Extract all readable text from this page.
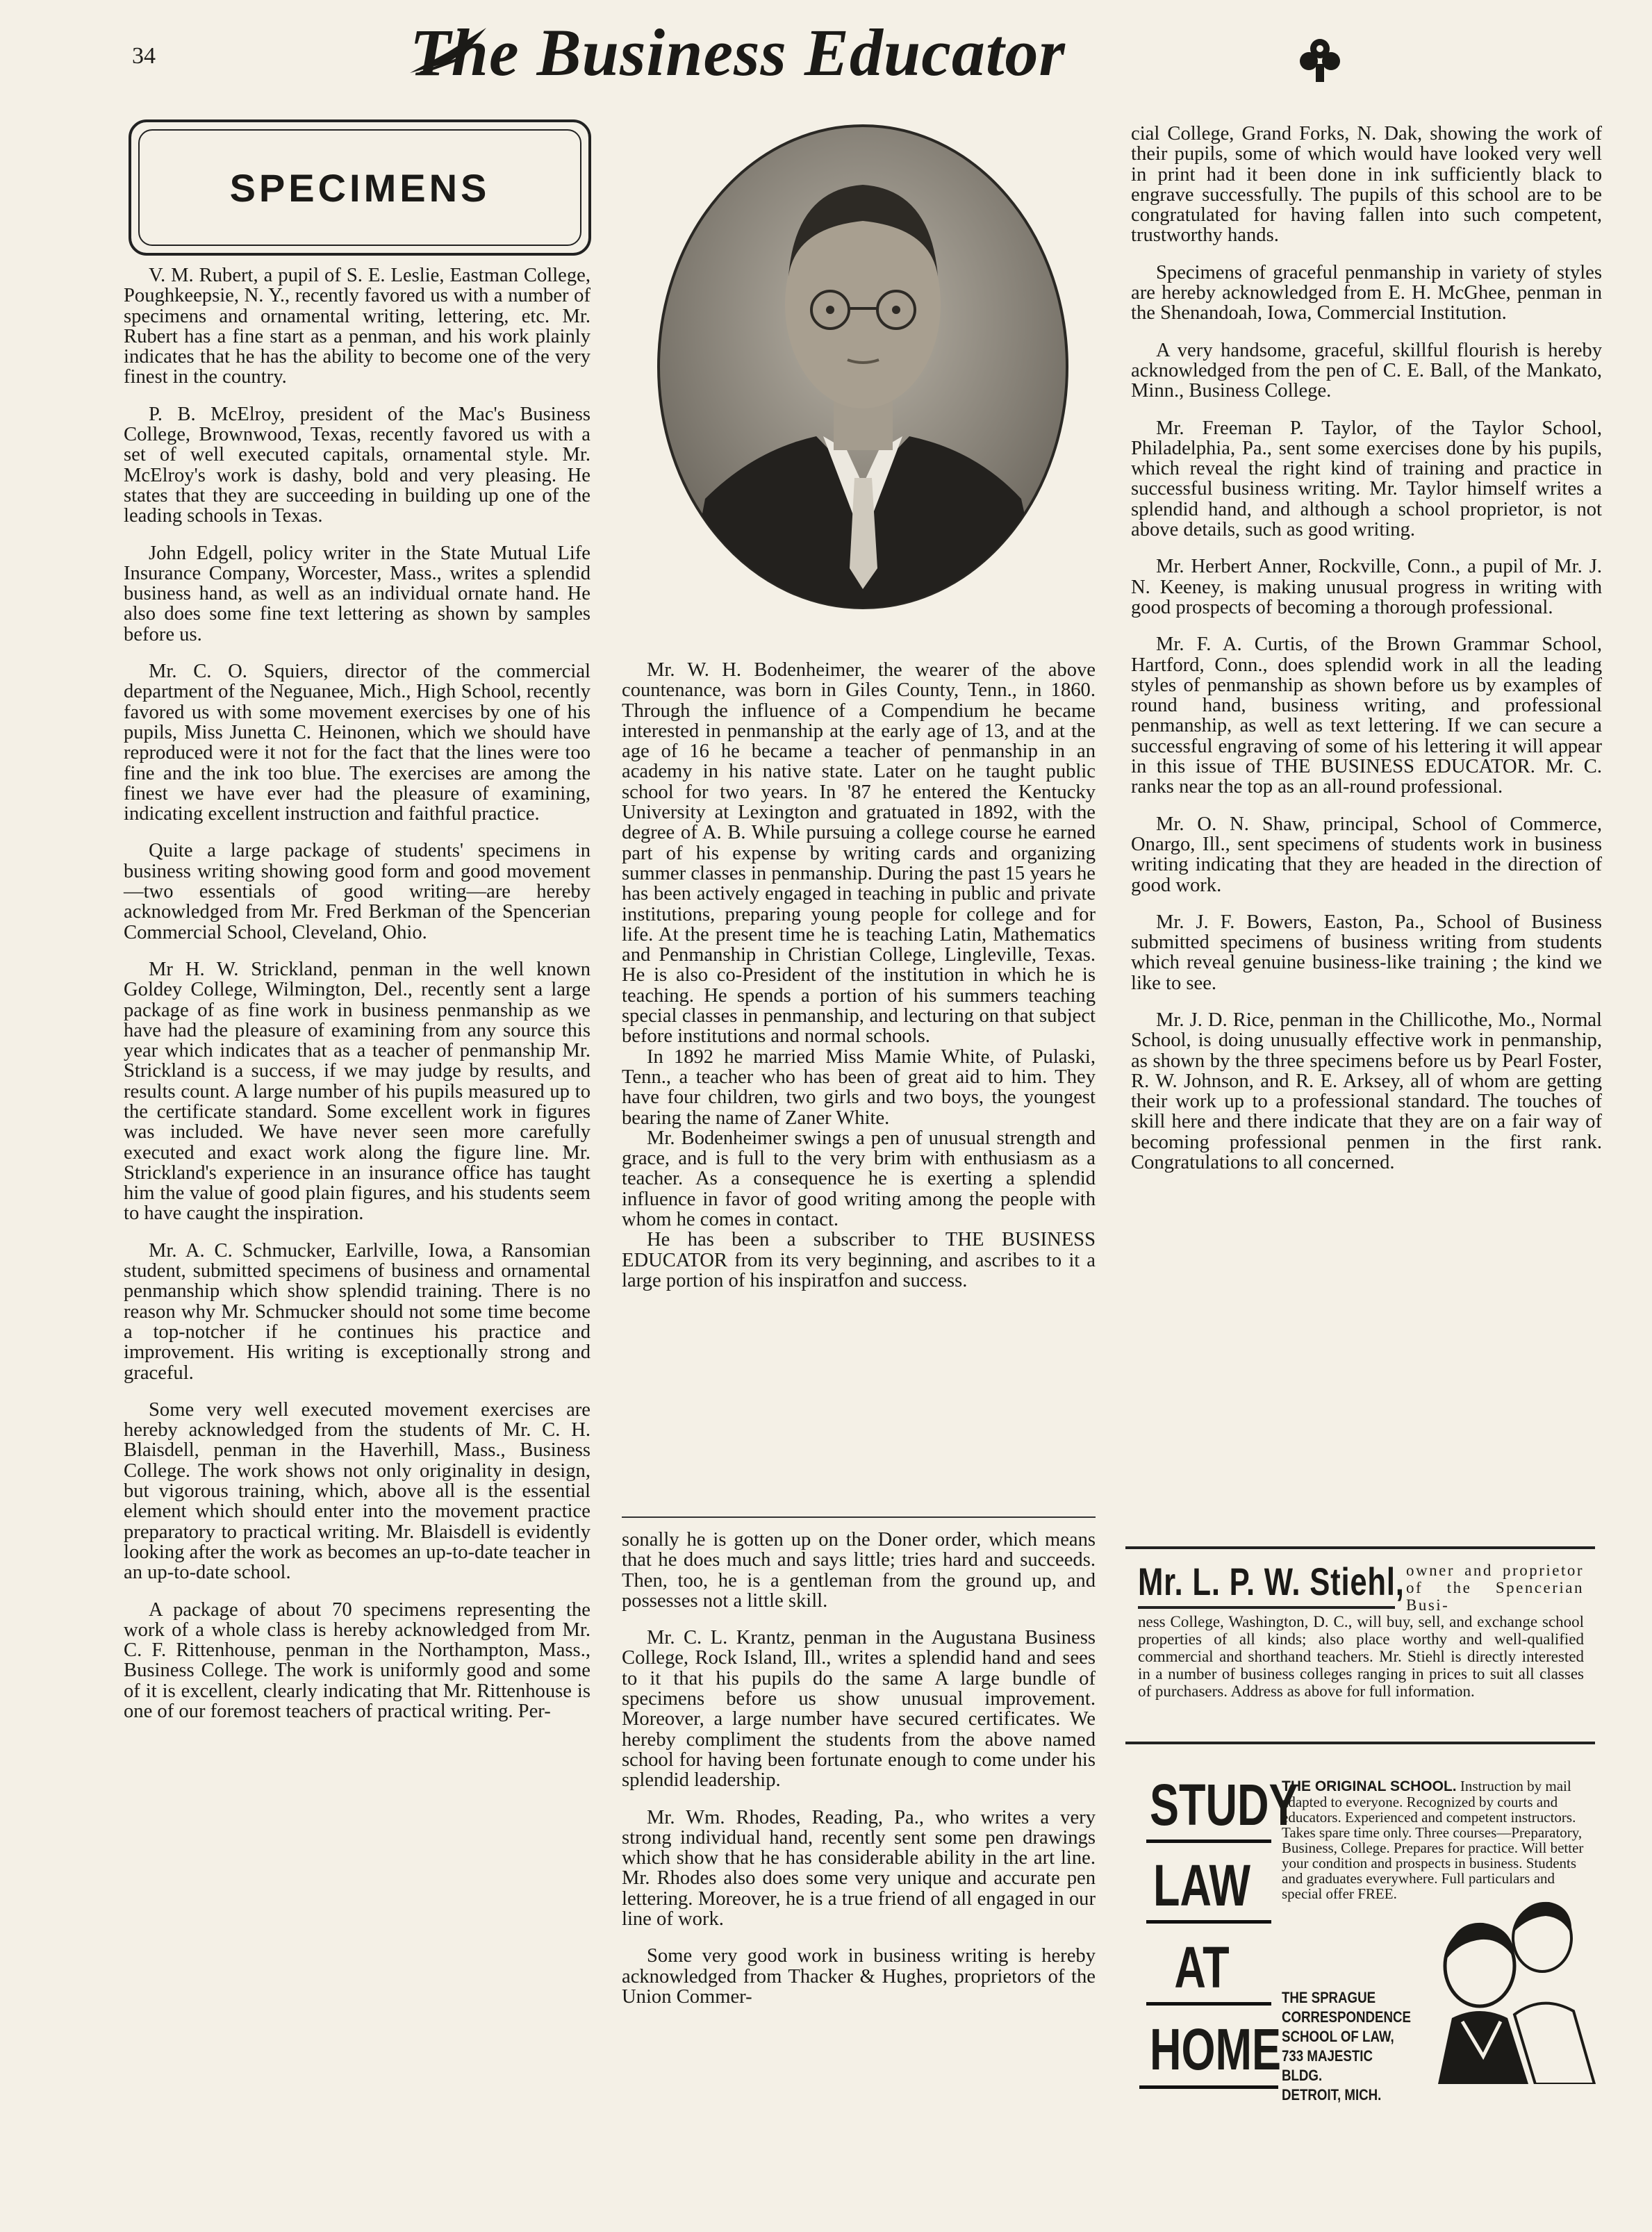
34	The Business Educator
SPECIMENS

V. M. Rubert, a pupil of S. E. Leslie, Eastman College, Poughkeepsie, N. Y., recently favored us with a number of specimens and ornamental writing, lettering, etc. Mr. Rubert has a fine start as a penman, and his work plainly indicates that he has the ability to become one of the very finest in the country.

P. B. McElroy, president of the Mac's Business College, Brownwood, Texas, recently favored us with a set of well executed capitals, ornamental style. Mr. McElroy's work is dashy, bold and very pleasing. He states that they are succeeding in building up one of the leading schools in Texas.

John Edgell, policy writer in the State Mutual Life Insurance Company, Worcester, Mass., writes a splendid business hand, as well as an individual ornate hand. He also does some fine text lettering as shown by samples before us.

Mr. C. O. Squiers, director of the commercial department of the Neguanee, Mich., High School, recently favored us with some movement exercises by one of his pupils, Miss Junetta C. Heinonen, which we should have reproduced were it not for the fact that the lines were too fine and the ink too blue. The exercises are among the finest we have ever had the pleasure of examining, indicating excellent instruction and faithful practice.

Quite a large package of students' specimens in business writing showing good form and good movement—two essentials of good writing—are hereby acknowledged from Mr. Fred Berkman of the Spencerian Commercial School, Cleveland, Ohio.

Mr H. W. Strickland, penman in the well known Goldey College, Wilmington, Del., recently sent a large package of as fine work in business penmanship as we have had the pleasure of examining from any source this year which indicates that as a teacher of penmanship Mr. Strickland is a success, if we may judge by results, and results count. A large number of his pupils measured up to the certificate standard. Some excellent work in figures was included. We have never seen more carefully executed and exact work along the figure line. Mr. Strickland's experience in an insurance office has taught him the value of good plain figures, and his students seem to have caught the inspiration.

Mr. A. C. Schmucker, Earlville, Iowa, a Ransomian student, submitted specimens of business and ornamental penmanship which show splendid training. There is no reason why Mr. Schmucker should not some time become a top-notcher if he continues his practice and improvement. His writing is exceptionally strong and graceful.

Some very well executed movement exercises are hereby acknowledged from the students of Mr. C. H. Blaisdell, penman in the Haverhill, Mass., Business College. The work shows not only originality in design, but vigorous training, which, above all is the essential element which should enter into the movement practice preparatory to practical writing. Mr. Blaisdell is evidently looking after the work as becomes an up-to-date teacher in an up-to-date school.

A package of about 70 specimens representing the work of a whole class is hereby acknowledged from Mr. C. F. Rittenhouse, penman in the Northampton, Mass., Business College. The work is uniformly good and some of it is excellent, clearly indicating that Mr. Rittenhouse is one of our foremost teachers of practical writing. Per-

Mr. W. H. Bodenheimer, the wearer of the above countenance, was born in Giles County, Tenn., in 1860. Through the influence of a Compendium he became interested in penmanship at the early age of 13, and at the age of 16 he became a teacher of penmanship in an academy in his native state. Later on he taught public school for two years. In '87 he entered the Kentucky University at Lexington and gratuated in 1892, with the degree of A. B. While pursuing a college course he earned part of his expense by writing cards and organizing summer classes in penmanship. During the past 15 years he has been actively engaged in teaching in public and private institutions, preparing young people for college and for life. At the present time he is teaching Latin, Mathematics and Penmanship in Christian College, Lingleville, Texas. He is also co-President of the institution in which he is teaching. He spends a portion of his summers teaching special classes in penmanship, and lecturing on that subject before institutions and normal schools.

In 1892 he married Miss Mamie White, of Pulaski, Tenn., a teacher who has been of great aid to him. They have four children, two girls and two boys, the youngest bearing the name of Zaner White.

Mr. Bodenheimer swings a pen of unusual strength and grace, and is full to the very brim with enthusiasm as a teacher. As a consequence he is exerting a splendid influence in favor of good writing among the people with whom he comes in contact.

He has been a subscriber to THE BUSINESS EDUCATOR from its very beginning, and ascribes to it a large portion of his inspiratfon and success.

sonally he is gotten up on the Doner order, which means that he does much and says little; tries hard and succeeds. Then, too, he is a gentleman from the ground up, and possesses not a little skill.

Mr. C. L. Krantz, penman in the Augustana Business College, Rock Island, Ill., writes a splendid hand and sees to it that his pupils do the same A large bundle of specimens before us show unusual improvement. Moreover, a large number have secured certificates. We hereby compliment the students from the above named school for having been fortunate enough to come under his splendid leadership.

Mr. Wm. Rhodes, Reading, Pa., who writes a very strong individual hand, recently sent some pen drawings which show that he has considerable ability in the art line. Mr. Rhodes also does some very unique and accurate pen lettering. Moreover, he is a true friend of all engaged in our line of work.

Some very good work in business writing is hereby acknowledged from Thacker & Hughes, proprietors of the Union Commer-

cial College, Grand Forks, N. Dak, showing the work of their pupils, some of which would have looked very well in print had it been done in ink sufficiently black to engrave successfully. The pupils of this school are to be congratulated for having fallen into such competent, trustworthy hands.

Specimens of graceful penmanship in variety of styles are hereby acknowledged from E. H. McGhee, penman in the Shenandoah, Iowa, Commercial Institution.

A very handsome, graceful, skillful flourish is hereby acknowledged from the pen of C. E. Ball, of the Mankato, Minn., Business College.

Mr. Freeman P. Taylor, of the Taylor School, Philadelphia, Pa., sent some exercises done by his pupils, which reveal the right kind of training and practice in successful business writing. Mr. Taylor himself writes a splendid hand, and although a school proprietor, is not above details, such as good writing.

Mr. Herbert Anner, Rockville, Conn., a pupil of Mr. J. N. Keeney, is making unusual progress in writing with good prospects of becoming a thorough professional.

Mr. F. A. Curtis, of the Brown Grammar School, Hartford, Conn., does splendid work in all the leading styles of penmanship as shown before us by examples of round hand, business writing, and professional penmanship, as well as text lettering. If we can secure a successful engraving of some of his lettering it will appear in this issue of THE BUSINESS EDUCATOR. Mr. C. ranks near the top as an all-round professional.

Mr. O. N. Shaw, principal, School of Commerce, Onargo, Ill., sent specimens of students work in business writing indicating that they are headed in the direction of good work.

Mr. J. F. Bowers, Easton, Pa., School of Business submitted specimens of business writing from students which reveal genuine business-like training ; the kind we like to see.

Mr. J. D. Rice, penman in the Chillicothe, Mo., Normal School, is doing unusually effective work in penmanship, as shown by the three specimens before us by Pearl Foster, R. W. Johnson, and R. E. Arksey, all of whom are getting their work up to a professional standard. The touches of skill here and there indicate that they are on a fair way of becoming professional penmen in the first rank. Congratulations to all concerned.

Mr. L. P. W. Stiehl, owner and proprietor of the Spencerian Busi-
ness College, Washington, D. C., will buy, sell, and exchange school properties of all kinds; also place worthy and well-qualified commercial and shorthand teachers. Mr. Stiehl is directly interested in a number of business colleges ranging in prices to suit all classes of purchasers. Address as above for full information.
STUDY
LAW
AT
HOME
THE ORIGINAL SCHOOL. Instruction by mail adapted to everyone. Recognized by courts and educators. Experienced and competent instructors. Takes spare time only. Three courses—Preparatory, Business, College. Prepares for practice. Will better your condition and prospects in business. Students and graduates everywhere. Full particulars and special offer FREE.
THE SPRAGUE
CORRESPONDENCE
SCHOOL OF LAW,
733 MAJESTIC BLDG.
DETROIT, MICH.
